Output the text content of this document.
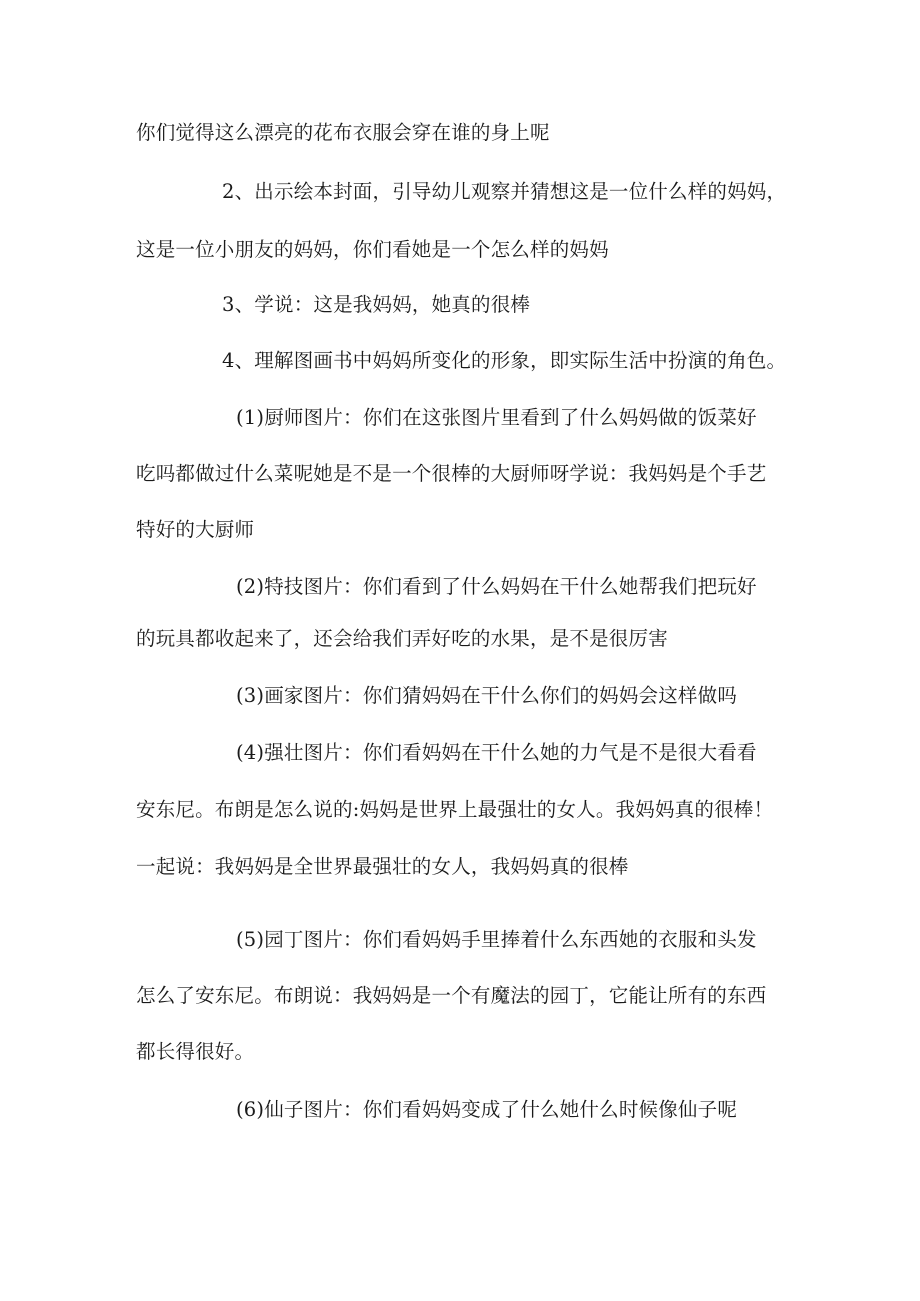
你们觉得这么漂亮的花布衣服会穿在谁的身上呢
2、出示绘本封面，引导幼儿观察并猜想这是一位什么样的妈妈，
这是一位小朋友的妈妈，你们看她是一个怎么样的妈妈
3、学说：这是我妈妈，她真的很棒
4、理解图画书中妈妈所变化的形象，即实际生活中扮演的角色。
(1)厨师图片：你们在这张图片里看到了什么妈妈做的饭菜好
吃吗都做过什么菜呢她是不是一个很棒的大厨师呀学说：我妈妈是个手艺
特好的大厨师
(2)特技图片：你们看到了什么妈妈在干什么她帮我们把玩好
的玩具都收起来了，还会给我们弄好吃的水果，是不是很厉害
(3)画家图片：你们猜妈妈在干什么你们的妈妈会这样做吗
(4)强壮图片：你们看妈妈在干什么她的力气是不是很大看看
安东尼。布朗是怎么说的:妈妈是世界上最强壮的女人。我妈妈真的很棒！
一起说：我妈妈是全世界最强壮的女人，我妈妈真的很棒
(5)园丁图片：你们看妈妈手里捧着什么东西她的衣服和头发
怎么了安东尼。布朗说：我妈妈是一个有魔法的园丁，它能让所有的东西
都长得很好。
(6)仙子图片：你们看妈妈变成了什么她什么时候像仙子呢
